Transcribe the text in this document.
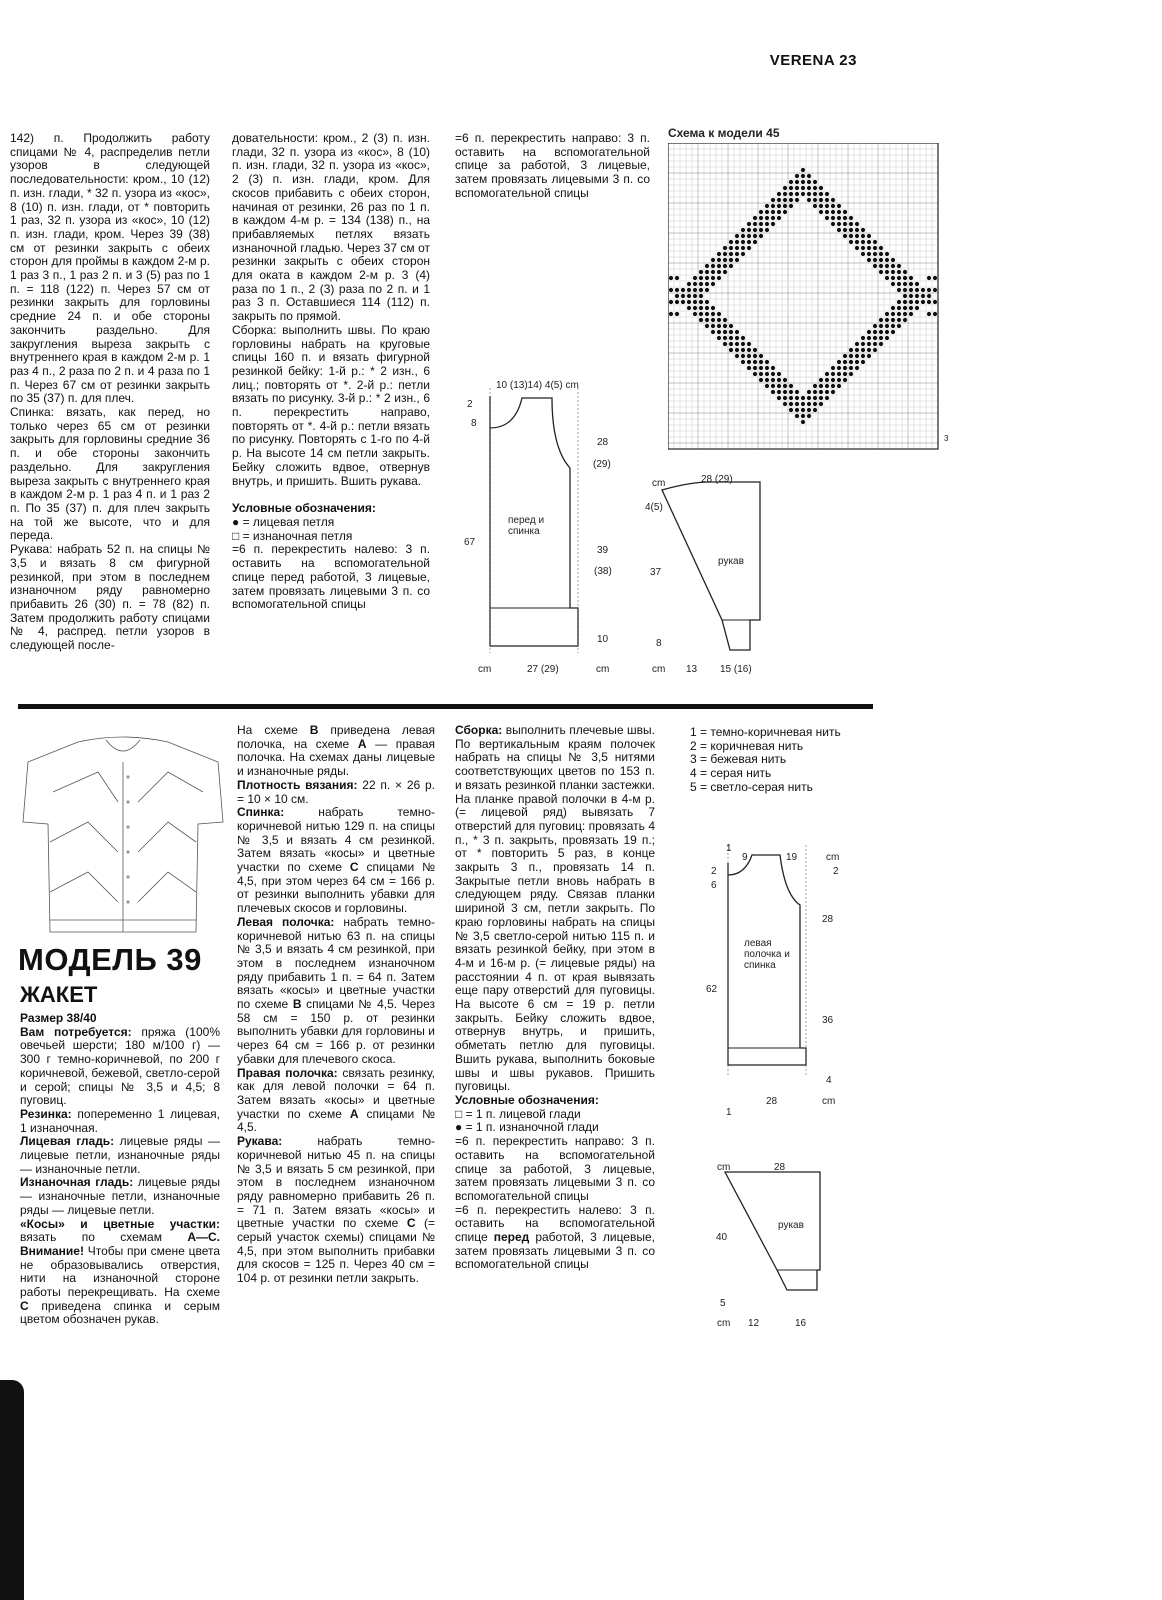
VERENA 23

142) п. Продолжить работу спицами № 4, распределив петли узоров в следующей последовательности: кром., 10 (12) п. изн. глади, * 32 п. узора из «кос», 8 (10) п. изн. глади, от * повторить 1 раз, 32 п. узора из «кос», 10 (12) п. изн. глади, кром. Через 39 (38) см от резинки закрыть с обеих сторон для проймы в каждом 2-м р. 1 раз 3 п., 1 раз 2 п. и 3 (5) раз по 1 п. = 118 (122) п. Через 57 см от резинки закрыть для горловины средние 24 п. и обе стороны закончить раздельно. Для закругления выреза закрыть с внутреннего края в каждом 2-м р. 1 раз 4 п., 2 раза по 2 п. и 4 раза по 1 п. Через 67 см от резинки закрыть по 35 (37) п. для плеч.

Спинка: вязать, как перед, но только через 65 см от резинки закрыть для горловины средние 36 п. и обе стороны закончить раздельно. Для закругления выреза закрыть с внутреннего края в каждом 2-м р. 1 раз 4 п. и 1 раз 2 п. По 35 (37) п. для плеч закрыть на той же высоте, что и для переда.

Рукава: набрать 52 п. на спицы № 3,5 и вязать 8 см фигурной резинкой, при этом в последнем изнаночном ряду равномерно прибавить 26 (30) п. = 78 (82) п. Затем продолжить работу спицами № 4, распред. петли узоров в следующей после-

довательности: кром., 2 (3) п. изн. глади, 32 п. узора из «кос», 8 (10) п. изн. глади, 32 п. узора из «кос», 2 (3) п. изн. глади, кром. Для скосов прибавить с обеих сторон, начиная от резинки, 26 раз по 1 п. в каждом 4-м р. = 134 (138) п., на прибавляемых петлях вязать изнаночной гладью. Через 37 см от резинки закрыть с обеих сторон для оката в каждом 2-м р. 3 (4) раза по 1 п., 2 (3) раза по 2 п. и 1 раз 3 п. Оставшиеся 114 (112) п. закрыть по прямой.

Сборка: выполнить швы. По краю горловины набрать на круговые спицы 160 п. и вязать фигурной резинкой бейку: 1-й р.: * 2 изн., 6 лиц.; повторять от *. 2-й р.: петли вязать по рисунку. 3-й р.: * 2 изн., 6 п. перекрестить направо, повторять от *. 4-й р.: петли вязать по рисунку. Повторять с 1-го по 4-й р. На высоте 14 см петли закрыть. Бейку сложить вдвое, отвернув внутрь, и пришить. Вшить рукава.

Условные обозначения:

● = лицевая петля

□ = изнаночная петля

=6 п. перекрестить налево: 3 п. оставить на вспомогательной спице перед работой, 3 лицевые, затем провязать лицевыми 3 п. со вспомогательной спицы

=6 п. перекрестить направо: 3 п. оставить на вспомогательной спице за работой, 3 лицевые, затем провязать лицевыми 3 п. со вспомогательной спицы

Схема к модели 45
3
10 (13)14) 4(5) cm
2
8
28
(29)
67
перед и спинка
39
(38)
10
cm	27 (29)	cm
cm	28 (29)
4(5)
рукав
37
8
cm 13 15 (16)
МОДЕЛЬ 39
ЖАКЕТ
Размер 38/40
Вам потребуется: пряжа (100% овечьей шерсти; 180 м/100 г) — 300 г темно-коричневой, по 200 г коричневой, бежевой, светло-серой и серой; спицы № 3,5 и 4,5; 8 пуговиц.
Резинка: попеременно 1 лицевая, 1 изнаночная.
Лицевая гладь: лицевые ряды — лицевые петли, изнаночные ряды — изнаночные петли.
Изнаночная гладь: лицевые ряды — изнаночные петли, изнаночные ряды — лицевые петли.
«Косы» и цветные участки: вязать по схемам А—С. Внимание! Чтобы при смене цвета не образовывались отверстия, нити на изнаночной стороне работы перекрещивать. На схеме С приведена спинка и серым цветом обозначен рукав.
На схеме В приведена левая полочка, на схеме А — правая полочка. На схемах даны лицевые и изнаночные ряды.
Плотность вязания: 22 п. × 26 р. = 10 × 10 см.
Спинка: набрать темно-коричневой нитью 129 п. на спицы № 3,5 и вязать 4 см резинкой. Затем вязать «косы» и цветные участки по схеме С спицами № 4,5, при этом через 64 см = 166 р. от резинки выполнить убавки для плечевых скосов и горловины.
Левая полочка: набрать темно-коричневой нитью 63 п. на спицы № 3,5 и вязать 4 см резинкой, при этом в последнем изнаночном ряду прибавить 1 п. = 64 п. Затем вязать «косы» и цветные участки по схеме В спицами № 4,5. Через 58 см = 150 р. от резинки выполнить убавки для горловины и через 64 см = 166 р. от резинки убавки для плечевого скоса.
Правая полочка: связать резинку, как для левой полочки = 64 п. Затем вязать «косы» и цветные участки по схеме А спицами № 4,5.
Рукава: набрать темно-коричневой нитью 45 п. на спицы № 3,5 и вязать 5 см резинкой, при этом в последнем изнаночном ряду равномерно прибавить 26 п. = 71 п. Затем вязать «косы» и цветные участки по схеме С (= серый участок схемы) спицами № 4,5, при этом выполнить прибавки для скосов = 125 п. Через 40 см = 104 р. от резинки петли закрыть.
Сборка: выполнить плечевые швы. По вертикальным краям полочек набрать на спицы № 3,5 нитями соответствующих цветов по 153 п. и вязать резинкой планки застежки. На планке правой полочки в 4-м р. (= лицевой ряд) вывязать 7 отверстий для пуговиц: провязать 4 п., * 3 п. закрыть, провязать 19 п.; от * повторить 5 раз, в конце закрыть 3 п., провязать 14 п. Закрытые петли вновь набрать в следующем ряду. Связав планки шириной 3 см, петли закрыть. По краю горловины набрать на спицы № 3,5 светло-серой нитью 115 п. и вязать резинкой бейку, при этом в 4-м и 16-м р. (= лицевые ряды) на расстоянии 4 п. от края вывязать еще пару отверстий для пуговицы. На высоте 6 см = 19 р. петли закрыть. Бейку сложить вдвое, отвернув внутрь, и пришить, обметать петлю для пуговицы. Вшить рукава, выполнить боковые швы и швы рукавов. Пришить пуговицы.
Условные обозначения:
□ = 1 п. лицевой глади
● = 1 п. изнаночной глади
=6 п. перекрестить направо: 3 п. оставить на вспомогательной спице за работой, 3 лицевые, затем провязать лицевыми 3 п. со вспомогательной спицы
=6 п. перекрестить налево: 3 п. оставить на вспомогательной спице перед работой, 3 лицевые, затем провязать лицевыми 3 п. со вспомогательной спицы

1 = темно-коричневая нить

2 = коричневая нить

3 = бежевая нить

4 = серая нить

5 = светло-серая нить

1
9	19	cm
2	2
6
28
левая полочка и спинка
62
36
4
28	cm
1
cm	28
рукав
40
5
cm 12	16
